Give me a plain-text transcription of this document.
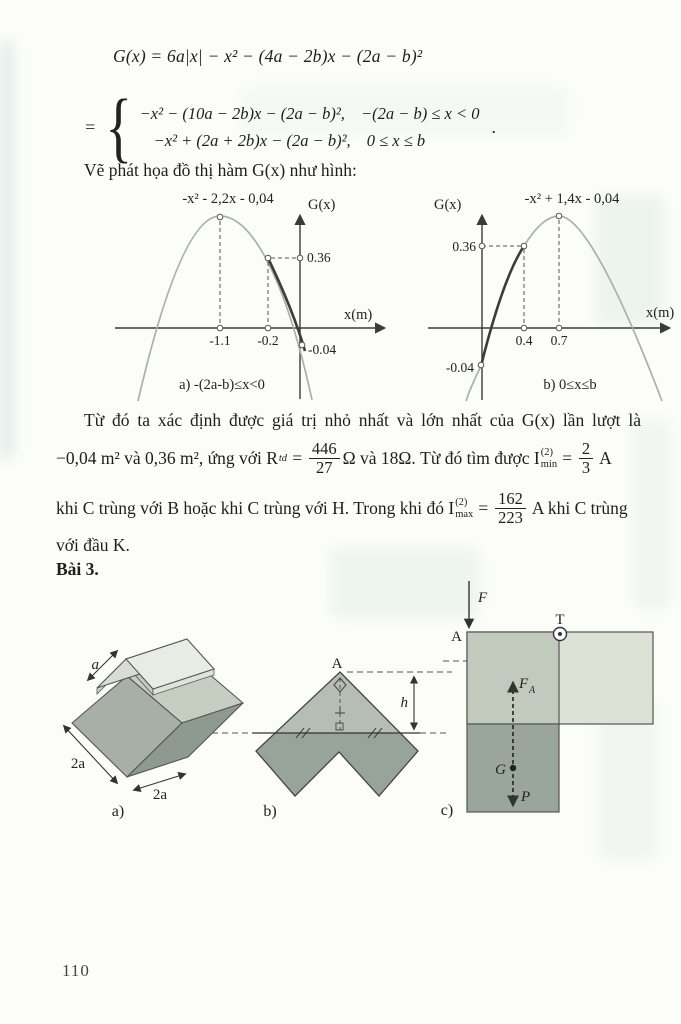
G(x) = 6a|x| − x² − (4a − 2b)x − (2a − b)²
= { −x² − (10a − 2b)x − (2a − b)², −(2a − b) ≤ x < 0
−x² + (2a + 2b)x − (2a − b)², 0 ≤ x ≤ b
.
Vẽ phát họa đồ thị hàm G(x) như hình:
-x² - 2,2x - 0,04 G(x)
x(m)
-1.1 -0.2
0.36
-0.04
a) -(2a-b)≤x<0
G(x)	-x² + 1,4x - 0,04
x(m)
0.36
-0.04
0.4 0.7
b) 0≤x≤b
Từ đó ta xác định được giá trị nhỏ nhất và lớn nhất của G(x) lần lượt là
−0,04 m² và 0,36 m², ứng với R td = $\frac{446}{27}$ Ω và 18Ω. Từ đó tìm được I (2)
$\min = \frac{2}{3}$ A
khi C trùng với B hoặc khi C trùng với H. Trong khi đó I (2)
$\max = \frac{162}{223}$ A khi C trùng
với đầu K.
Bài 3.
a
2a
2a
a)
A
h
b)
F
A
T
F A
G
P
c)
110
